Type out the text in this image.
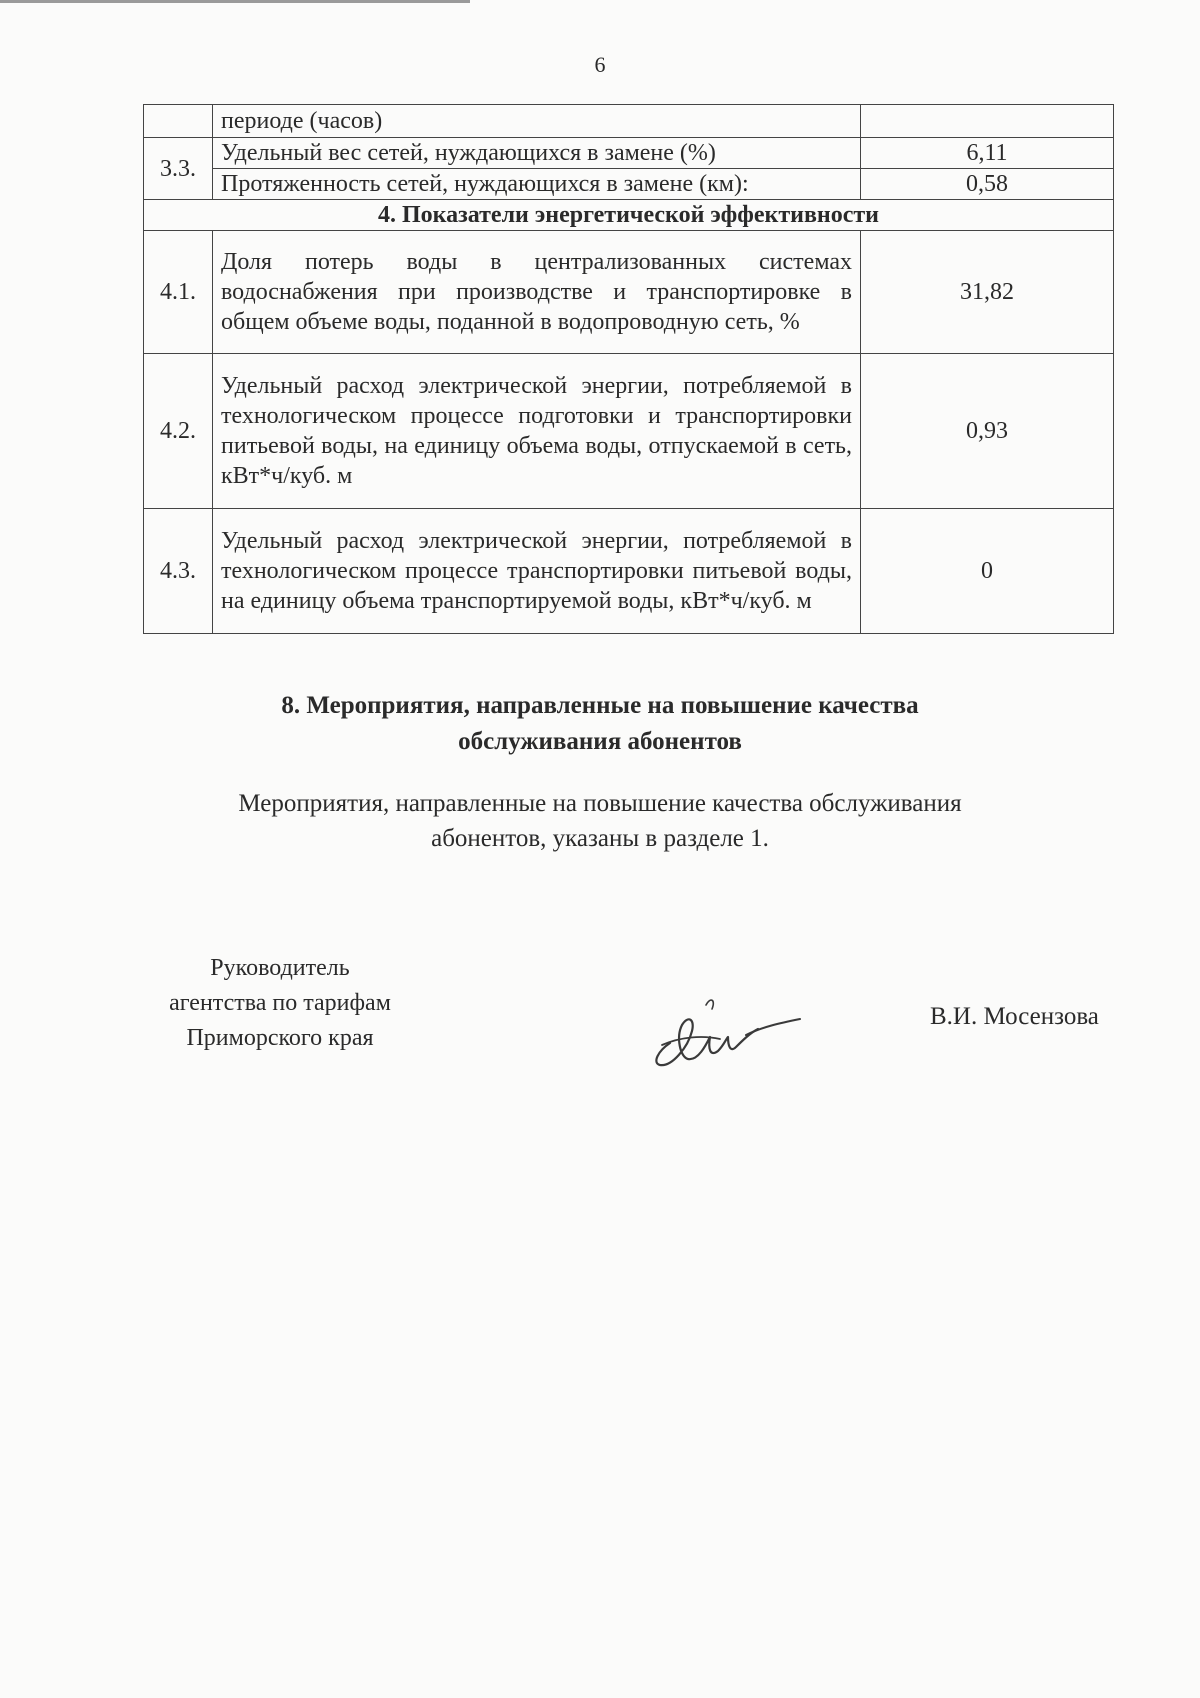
6
	периоде (часов)	
3.3.	Удельный вес сетей, нуждающихся в замене (%)	6,11
	Протяженность сетей, нуждающихся в замене (км):	0,58
4. Показатели энергетической эффективности		
4.1.	Доля потерь воды в централизованных системах водоснабжения при производстве и транспортировке в общем объеме воды, поданной в водопроводную сеть, %	31,82
4.2.	Удельный расход электрической энергии, потребляемой в технологическом процессе подготовки и транспортировки питьевой воды, на единицу объема воды, отпускаемой в сеть, кВт*ч/куб. м	0,93
4.3.	Удельный расход электрической энергии, потребляемой в технологическом процессе транспортировки питьевой воды, на единицу объема транспортируемой воды, кВт*ч/куб. м	0
8. Мероприятия, направленные на повышение качества
обслуживания абонентов
Мероприятия, направленные на повышение качества обслуживания
абонентов, указаны в разделе 1.
Руководитель
агентства по тарифам
Приморского края
В.И. Мосензова
